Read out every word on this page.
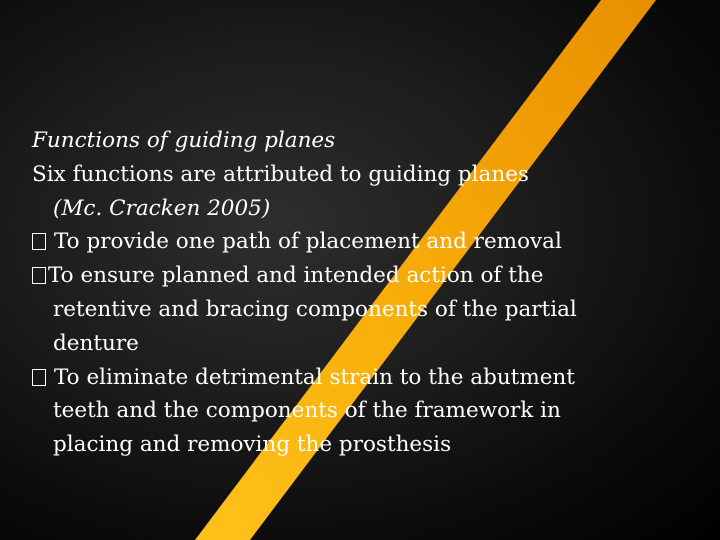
Functions of guiding planes
Six functions are attributed to guiding planes
(Mc. Cracken 2005)
To provide one path of placement and removal
To ensure planned and intended action of the
retentive and bracing components of the partial
denture
To eliminate detrimental strain to the abutment
teeth and the components of the framework in
placing and removing the prosthesis
